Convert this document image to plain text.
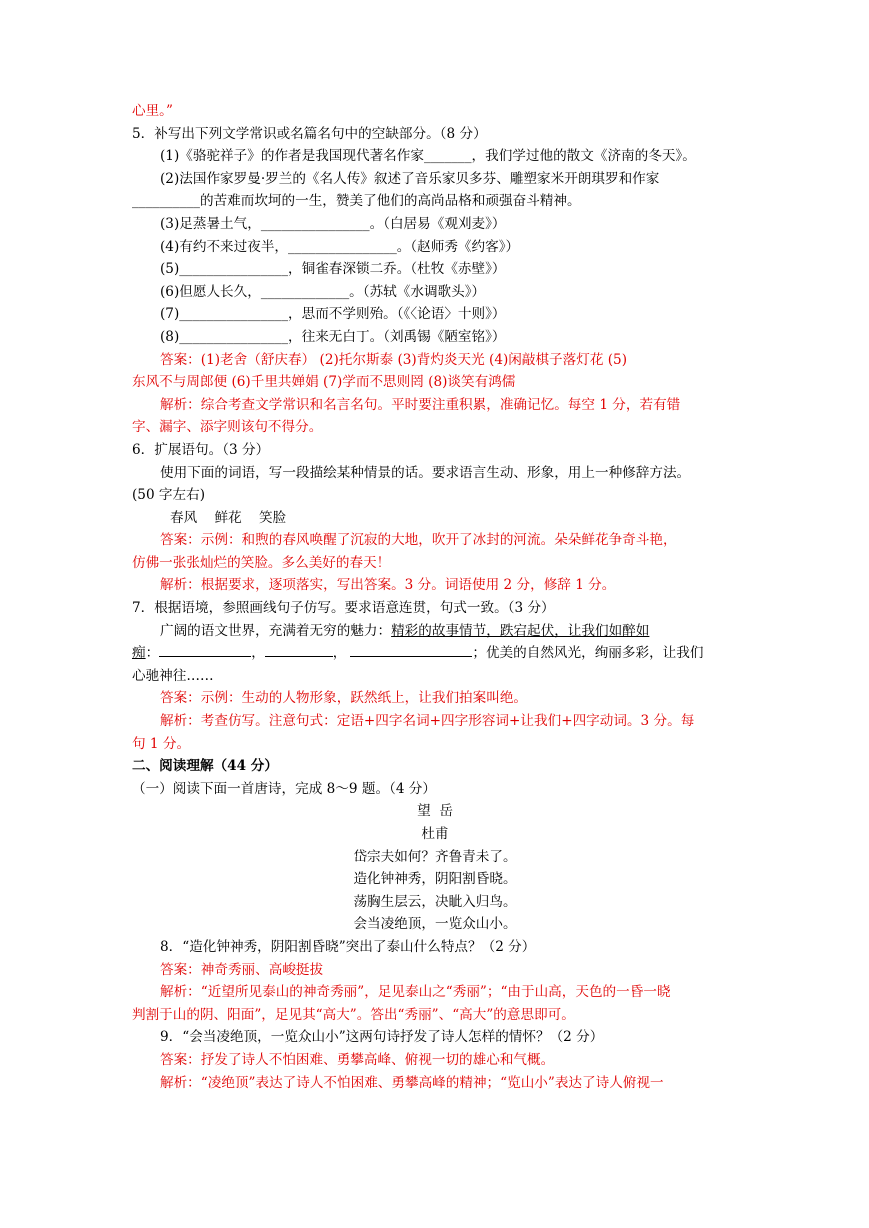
心里。”
5．补写出下列文学常识或名篇名句中的空缺部分。（8 分）
(1)《骆驼祥子》的作者是我国现代著名作家_______，我们学过他的散文《济南的冬天》。
(2)法国作家罗曼·罗兰的《名人传》叙述了音乐家贝多芬、雕塑家米开朗琪罗和作家
__________的苦难而坎坷的一生，赞美了他们的高尚品格和顽强奋斗精神。
(3)足蒸暑土气，________________。（白居易《观刈麦》）
(4)有约不来过夜半，________________。（赵师秀《约客》）
(5)________________，铜雀春深锁二乔。（杜牧《赤壁》）
(6)但愿人长久，_____________。（苏轼《水调歌头》）
(7)________________，思而不学则殆。（《〈论语〉十则》）
(8)________________，往来无白丁。（刘禹锡《陋室铭》）
答案：(1)老舍（舒庆春） (2)托尔斯泰 (3)背灼炎天光 (4)闲敲棋子落灯花 (5)
东风不与周郎便 (6)千里共婵娟 (7)学而不思则罔 (8)谈笑有鸿儒
解析：综合考查文学常识和名言名句。平时要注重积累，准确记忆。每空 1 分，若有错
字、漏字、添字则该句不得分。
6．扩展语句。（3 分）
使用下面的词语，写一段描绘某种情景的话。要求语言生动、形象，用上一种修辞方法。
(50 字左右)
春风    鲜花    笑脸
答案：示例：和煦的春风唤醒了沉寂的大地，吹开了冰封的河流。朵朵鲜花争奇斗艳，
仿佛一张张灿烂的笑脸。多么美好的春天！
解析：根据要求，逐项落实，写出答案。3 分。词语使用 2 分，修辞 1 分。
7．根据语境，参照画线句子仿写。要求语意连贯，句式一致。（3 分）
广阔的语文世界，充满着无穷的魅力：精彩的故事情节，跌宕起伏，让我们如醉如
痴：	，	，	；优美的自然风光，绚丽多彩，让我们
心驰神往……
答案：示例：生动的人物形象，跃然纸上，让我们拍案叫绝。
解析：考查仿写。注意句式：定语+四字名词+四字形容词+让我们+四字动词。3 分。每
句 1 分。
二、阅读理解（44 分）
（一）阅读下面一首唐诗，完成 8～9 题。（4 分）
望  岳
杜甫
岱宗夫如何？齐鲁青未了。
造化钟神秀，阴阳割昏晓。
荡胸生层云，决眦入归鸟。
会当凌绝顶，一览众山小。
8．“造化钟神秀，阴阳割昏晓”突出了泰山什么特点？（2 分）
答案：神奇秀丽、高峻挺拔
解析：“近望所见泰山的神奇秀丽”，足见泰山之“秀丽”；“由于山高，天色的一昏一晓
判割于山的阴、阳面”，足见其“高大”。答出“秀丽”、“高大”的意思即可。
9．“会当凌绝顶，一览众山小”这两句诗抒发了诗人怎样的情怀？（2 分）
答案：抒发了诗人不怕困难、勇攀高峰、俯视一切的雄心和气概。
解析：“凌绝顶”表达了诗人不怕困难、勇攀高峰的精神；“览山小”表达了诗人俯视一
